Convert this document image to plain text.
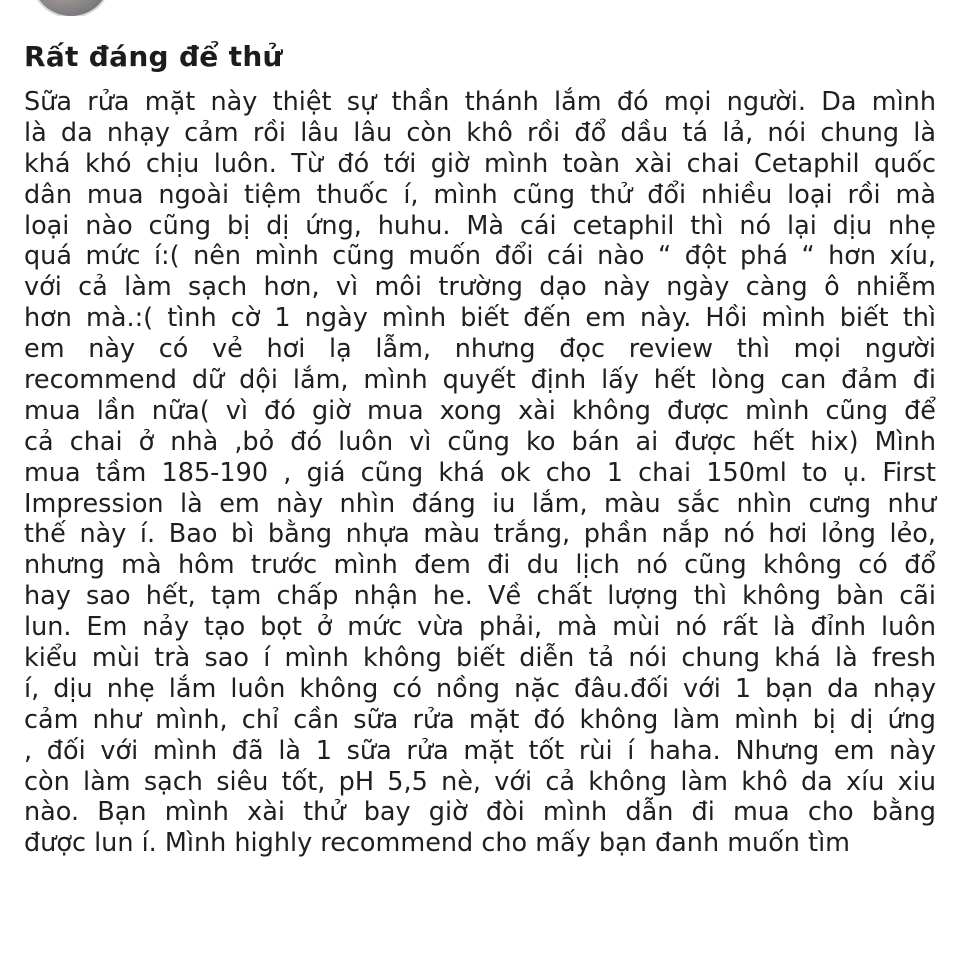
Rất đáng để thử
Sữa rửa mặt này thiệt sự thần thánh lắm đó mọi người. Da mình
là da nhạy cảm rồi lâu lâu còn khô rồi đổ dầu tá lả, nói chung là
khá khó chịu luôn. Từ đó tới giờ mình toàn xài chai Cetaphil quốc
dân mua ngoài tiệm thuốc í, mình cũng thử đổi nhiều loại rồi mà
loại nào cũng bị dị ứng, huhu. Mà cái cetaphil thì nó lại dịu nhẹ
quá mức í:( nên mình cũng muốn đổi cái nào “ đột phá “ hơn xíu,
với cả làm sạch hơn, vì môi trường dạo này ngày càng ô nhiễm
hơn mà.:( tình cờ 1 ngày mình biết đến em này. Hồi mình biết thì
em này có vẻ hơi lạ lẫm, nhưng đọc review thì mọi người
recommend dữ dội lắm, mình quyết định lấy hết lòng can đảm đi
mua lần nữa( vì đó giờ mua xong xài không được mình cũng để
cả chai ở nhà ,bỏ đó luôn vì cũng ko bán ai được hết hix) Mình
mua tầm 185-190 , giá cũng khá ok cho 1 chai 150ml to ụ. First
Impression là em này nhìn đáng iu lắm, màu sắc nhìn cưng như
thế này í. Bao bì bằng nhựa màu trắng, phần nắp nó hơi lỏng lẻo,
nhưng mà hôm trước mình đem đi du lịch nó cũng không có đổ
hay sao hết, tạm chấp nhận he. Về chất lượng thì không bàn cãi
lun. Em nảy tạo bọt ở mức vừa phải, mà mùi nó rất là đỉnh luôn
kiểu mùi trà sao í mình không biết diễn tả nói chung khá là fresh
í, dịu nhẹ lắm luôn không có nồng nặc đâu.đối với 1 bạn da nhạy
cảm như mình, chỉ cần sữa rửa mặt đó không làm mình bị dị ứng
, đối với mình đã là 1 sữa rửa mặt tốt rùi í haha. Nhưng em này
còn làm sạch siêu tốt, pH 5,5 nè, với cả không làm khô da xíu xiu
nào. Bạn mình xài thử bay giờ đòi mình dẫn đi mua cho bằng
được lun í. Mình highly recommend cho mấy bạn đanh muốn tìm
